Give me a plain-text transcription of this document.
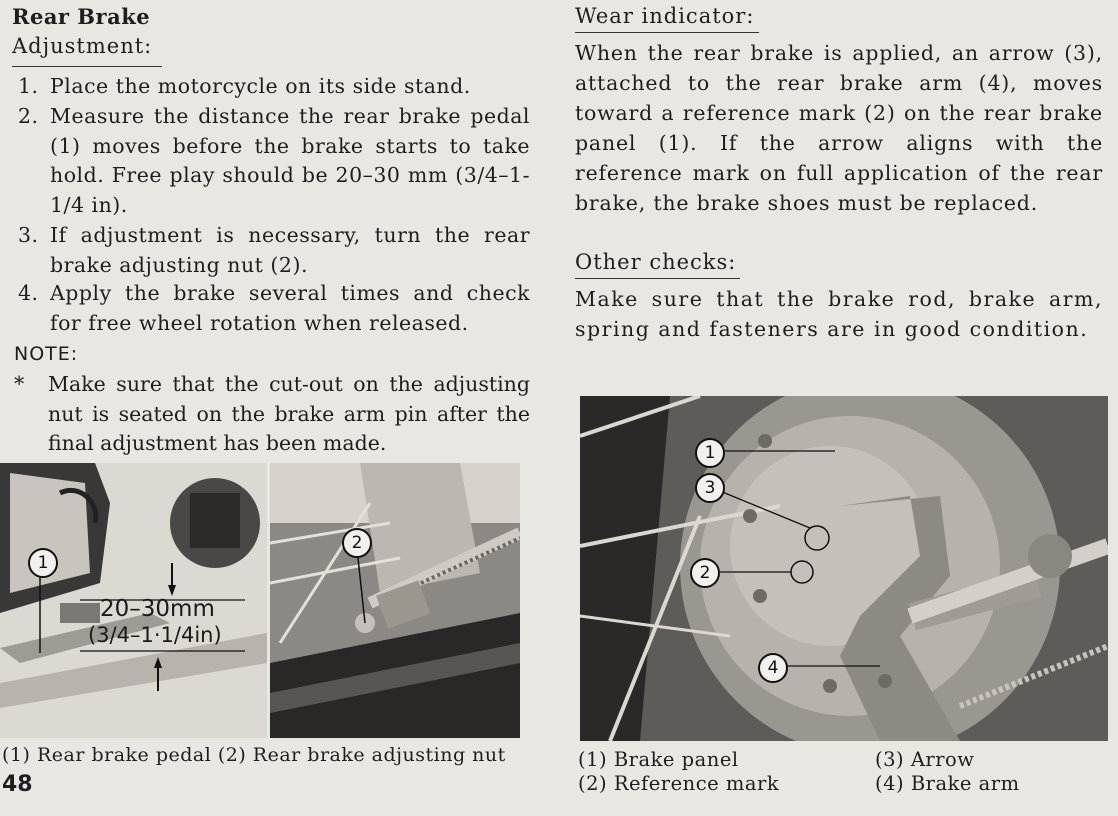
Rear Brake
Adjustment:
1. Place the motorcycle on its side stand.
2. Measure the distance the rear brake pedal (1) moves before the brake starts to take hold. Free play should be 20–30 mm (3/4–1-1/4 in).
3. If adjustment is necessary, turn the rear brake adjusting nut (2).
4. Apply the brake several times and check for free wheel rotation when released.
NOTE:
* Make sure that the cut-out on the adjusting nut is seated on the brake arm pin after the final adjustment has been made.
1
20–30mm
(3/4–1·1/4in)
2
(1) Rear brake pedal (2) Rear brake adjusting nut
48
Wear indicator:
When the rear brake is applied, an arrow (3), attached to the rear brake arm (4), moves toward a reference mark (2) on the rear brake panel (1). If the arrow aligns with the reference mark on full application of the rear brake, the brake shoes must be replaced.
Other checks:
Make sure that the brake rod, brake arm, spring and fasteners are in good condition.
1
3
2
4
(1) Brake panel
(2) Reference mark
(3) Arrow
(4) Brake arm
